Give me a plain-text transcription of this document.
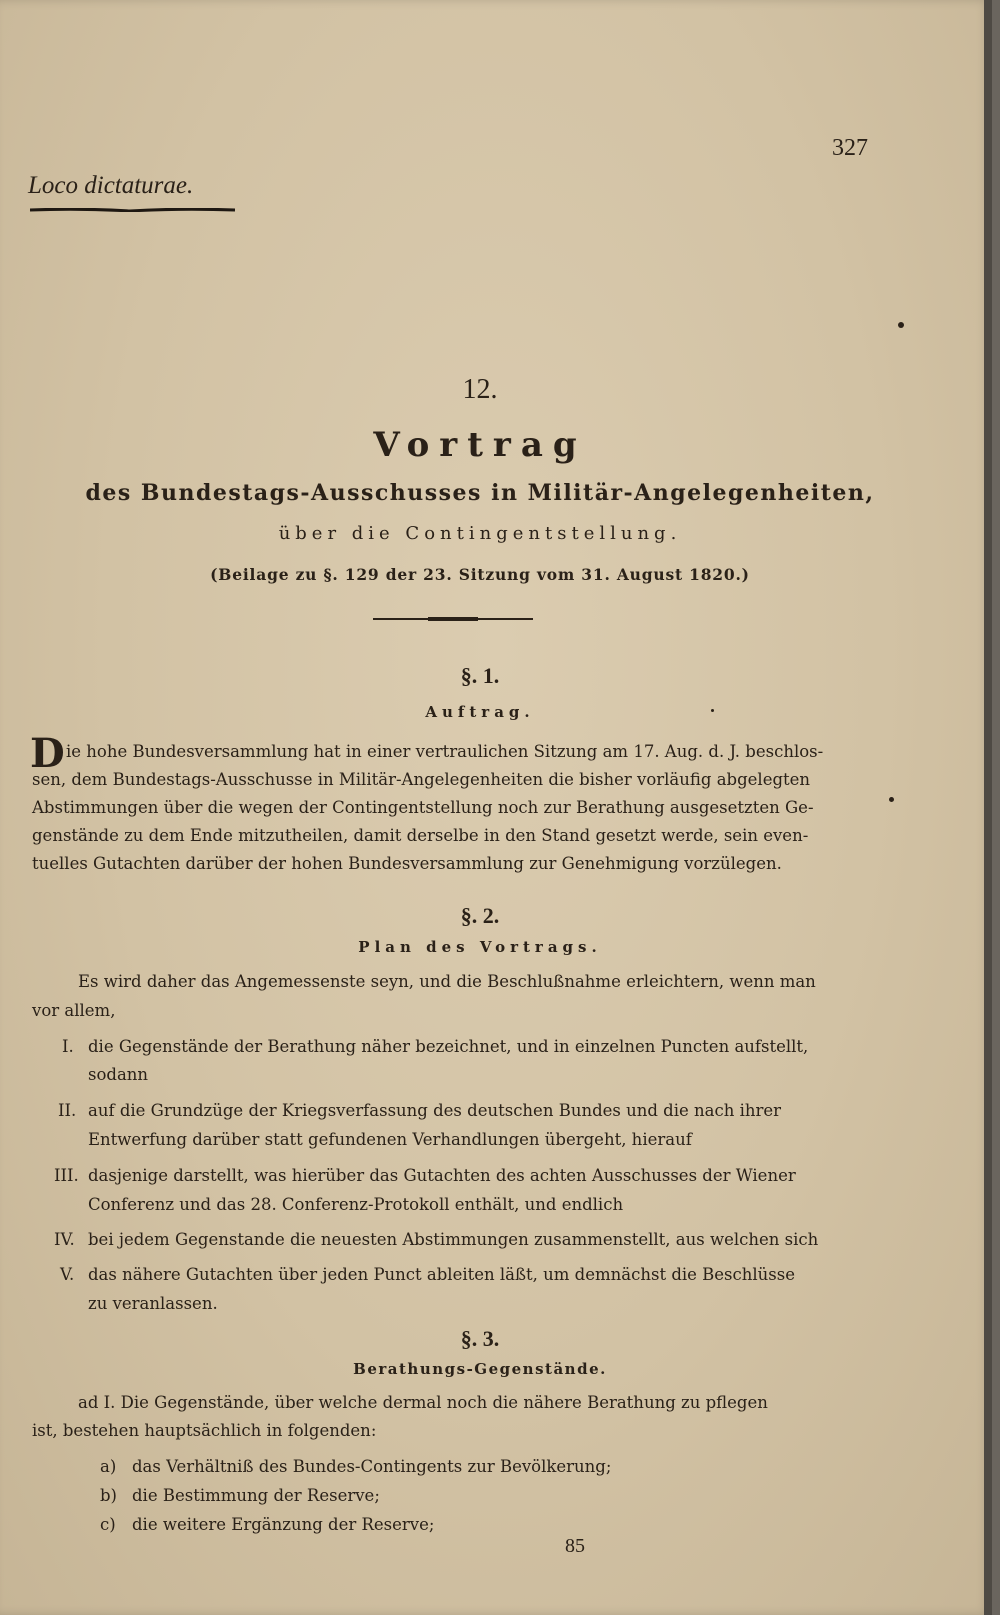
327
Loco dictaturae.
12.
Vortrag
des Bundestags-Ausschusses in Militär-Angelegenheiten,
über die Contingentstellung.
(Beilage zu §. 129 der 23. Sitzung vom 31. August 1820.)
§. 1.
Auftrag.
D ie hohe Bundesversammlung hat in einer vertraulichen Sitzung am 17. Aug. d. J. beschlos-
sen, dem Bundestags-Ausschusse in Militär-Angelegenheiten die bisher vorläufig abgelegten
Abstimmungen über die wegen der Contingentstellung noch zur Berathung ausgesetzten Ge-
genstände zu dem Ende mitzutheilen, damit derselbe in den Stand gesetzt werde, sein even-
tuelles Gutachten darüber der hohen Bundesversammlung zur Genehmigung vorzülegen.
§. 2.
Plan des Vortrags.
Es wird daher das Angemessenste seyn, und die Beschlußnahme erleichtern, wenn man
vor allem,
I. die Gegenstände der Berathung näher bezeichnet, und in einzelnen Puncten aufstellt,
sodann
II. auf die Grundzüge der Kriegsverfassung des deutschen Bundes und die nach ihrer
Entwerfung darüber statt gefundenen Verhandlungen übergeht, hierauf
III. dasjenige darstellt, was hierüber das Gutachten des achten Ausschusses der Wiener
Conferenz und das 28. Conferenz-Protokoll enthält, und endlich
IV. bei jedem Gegenstande die neuesten Abstimmungen zusammenstellt, aus welchen sich
V. das nähere Gutachten über jeden Punct ableiten läßt, um demnächst die Beschlüsse
zu veranlassen.
§. 3.
Berathungs-Gegenstände.
ad I. Die Gegenstände, über welche dermal noch die nähere Berathung zu pflegen
ist, bestehen hauptsächlich in folgenden:
a) das Verhältniß des Bundes-Contingents zur Bevölkerung;
b) die Bestimmung der Reserve;
c) die weitere Ergänzung der Reserve;
85
